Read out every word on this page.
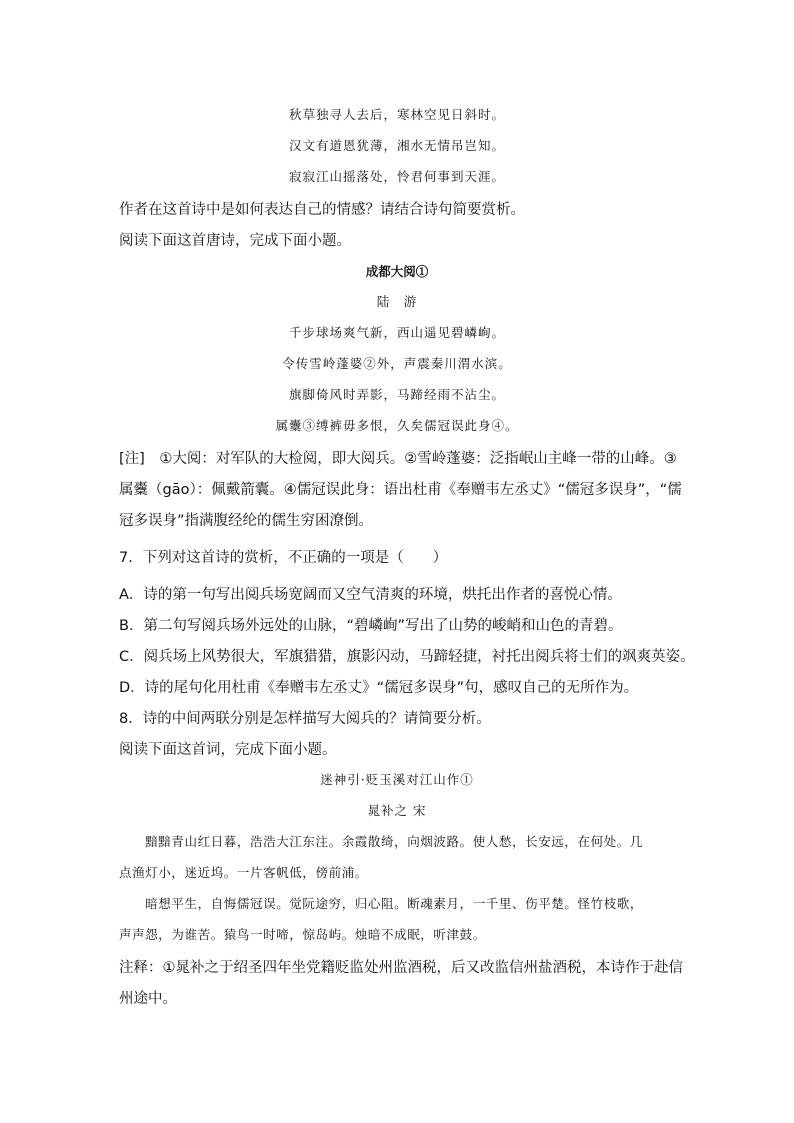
秋草独寻人去后，寒林空见日斜时。
汉文有道恩犹薄，湘水无情吊岂知。
寂寂江山摇落处，怜君何事到天涯。
作者在这首诗中是如何表达自己的情感？请结合诗句简要赏析。
阅读下面这首唐诗，完成下面小题。
成都大阅①
陆　游
千步球场爽气新，西山遥见碧嶙峋。
令传雪岭蓬婆②外，声震秦川渭水滨。
旗脚倚风时弄影，马蹄经雨不沾尘。
属櫜③缚裤毋多恨，久矣儒冠误此身④。
[注]　①大阅：对军队的大检阅，即大阅兵。②雪岭蓬婆：泛指岷山主峰一带的山峰。③
属櫜（gāo）：佩戴箭囊。④儒冠误此身：语出杜甫《奉赠韦左丞丈》“儒冠多误身”，“儒
冠多误身”指满腹经纶的儒生穷困潦倒。
7．下列对这首诗的赏析，不正确的一项是（　　）
A．诗的第一句写出阅兵场宽阔而又空气清爽的环境，烘托出作者的喜悦心情。
B．第二句写阅兵场外远处的山脉，“碧嶙峋”写出了山势的峻峭和山色的青碧。
C．阅兵场上风势很大，军旗猎猎，旗影闪动，马蹄轻捷，衬托出阅兵将士们的飒爽英姿。
D．诗的尾句化用杜甫《奉赠韦左丞丈》“儒冠多误身”句，感叹自己的无所作为。
8．诗的中间两联分别是怎样描写大阅兵的？请简要分析。
阅读下面这首词，完成下面小题。
迷神引·贬玉溪对江山作①
晁补之 宋
　　黯黯青山红日暮，浩浩大江东注。余霞散绮，向烟波路。使人愁，长安远，在何处。几
点渔灯小，迷近坞。一片客帆低，傍前浦。
　　暗想平生，自悔儒冠误。觉阮途穷，归心阻。断魂素月，一千里、伤平楚。怪竹枝歌，
声声怨，为谁苦。猿鸟一时啼，惊岛屿。烛暗不成眠，听津鼓。
注释：①晁补之于绍圣四年坐党籍贬监处州监酒税，后又改监信州盐酒税，本诗作于赴信
州途中。
